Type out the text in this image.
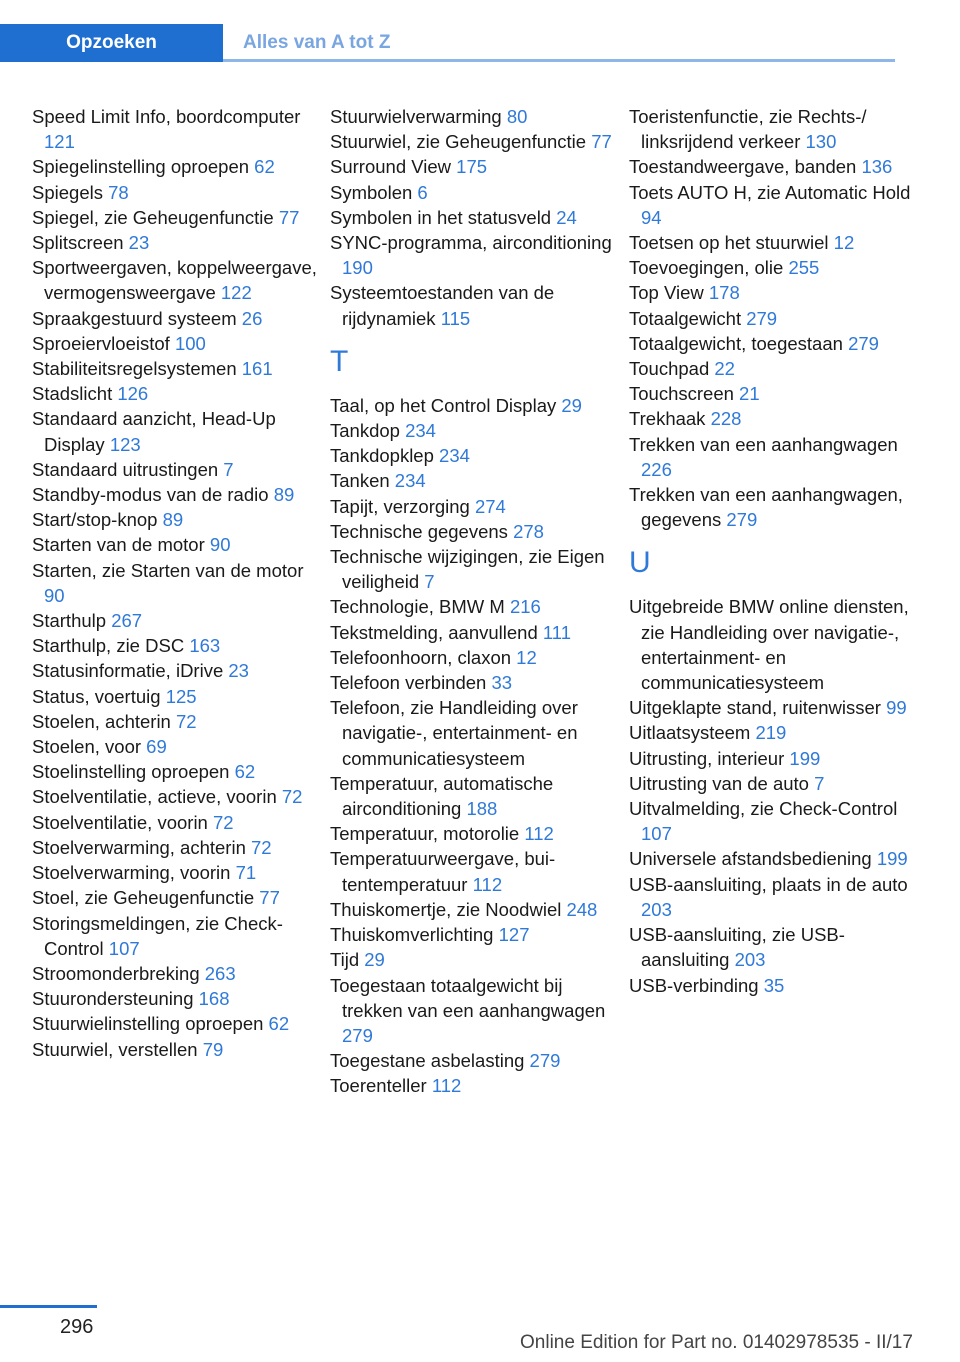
Opzoeken	Alles van A tot Z
Speed Limit Info, boordcomputer 121
Spiegelinstelling oproepen 62
Spiegels 78
Spiegel, zie Geheugenfunctie 77
Splitscreen 23
Sportweergaven, koppelweergave, vermogensweergave 122
Spraakgestuurd systeem 26
Sproeiervloeistof 100
Stabiliteitsregelsystemen 161
Stadslicht 126
Standaard aanzicht, Head-Up Display 123
Standaard uitrustingen 7
Standby-modus van de radio 89
Start/stop-knop 89
Starten van de motor 90
Starten, zie Starten van de motor 90
Starthulp 267
Starthulp, zie DSC 163
Statusinformatie, iDrive 23
Status, voertuig 125
Stoelen, achterin 72
Stoelen, voor 69
Stoelinstelling oproepen 62
Stoelventilatie, actieve, voorin 72
Stoelventilatie, voorin 72
Stoelverwarming, achterin 72
Stoelverwarming, voorin 71
Stoel, zie Geheugenfunctie 77
Storingsmeldingen, zie Check-Control 107
Stroomonderbreking 263
Stuurondersteuning 168
Stuurwielinstelling oproepen 62
Stuurwiel, verstellen 79
Stuurwielverwarming 80
Stuurwiel, zie Geheugenfunctie 77
Surround View 175
Symbolen 6
Symbolen in het statusveld 24
SYNC-programma, airconditioning 190
Systeemtoestanden van de rijdynamiek 115
T
Taal, op het Control Display 29
Tankdop 234
Tankdopklep 234
Tanken 234
Tapijt, verzorging 274
Technische gegevens 278
Technische wijzigingen, zie Eigen veiligheid 7
Technologie, BMW M 216
Tekstmelding, aanvullend 111
Telefoonhoorn, claxon 12
Telefoon verbinden 33
Telefoon, zie Handleiding over navigatie-, entertainment- en communicatiesysteem
Temperatuur, automatische airconditioning 188
Temperatuur, motorolie 112
Temperatuurweergave, buitentemperatuur 112
Thuiskomertje, zie Noodwiel 248
Thuiskomverlichting 127
Tijd 29
Toegestaan totaalgewicht bij trekken van een aanhangwagen 279
Toegestane asbelasting 279
Toerenteller 112
Toeristenfunctie, zie Rechts-/ linksrijdend verkeer 130
Toestandweergave, banden 136
Toets AUTO H, zie Automatic Hold 94
Toetsen op het stuurwiel 12
Toevoegingen, olie 255
Top View 178
Totaalgewicht 279
Totaalgewicht, toegestaan 279
Touchpad 22
Touchscreen 21
Trekhaak 228
Trekken van een aanhangwagen 226
Trekken van een aanhangwagen, gegevens 279
U
Uitgebreide BMW online diensten, zie Handleiding over navigatie-, entertainment- en communicatiesysteem
Uitgeklapte stand, ruitenwisser 99
Uitlaatsysteem 219
Uitrusting, interieur 199
Uitrusting van de auto 7
Uitvalmelding, zie Check-Control 107
Universele afstandsbediening 199
USB-aansluiting, plaats in de auto 203
USB-aansluiting, zie USB-aansluiting 203
USB-verbinding 35
296
Online Edition for Part no. 01402978535 - II/17
